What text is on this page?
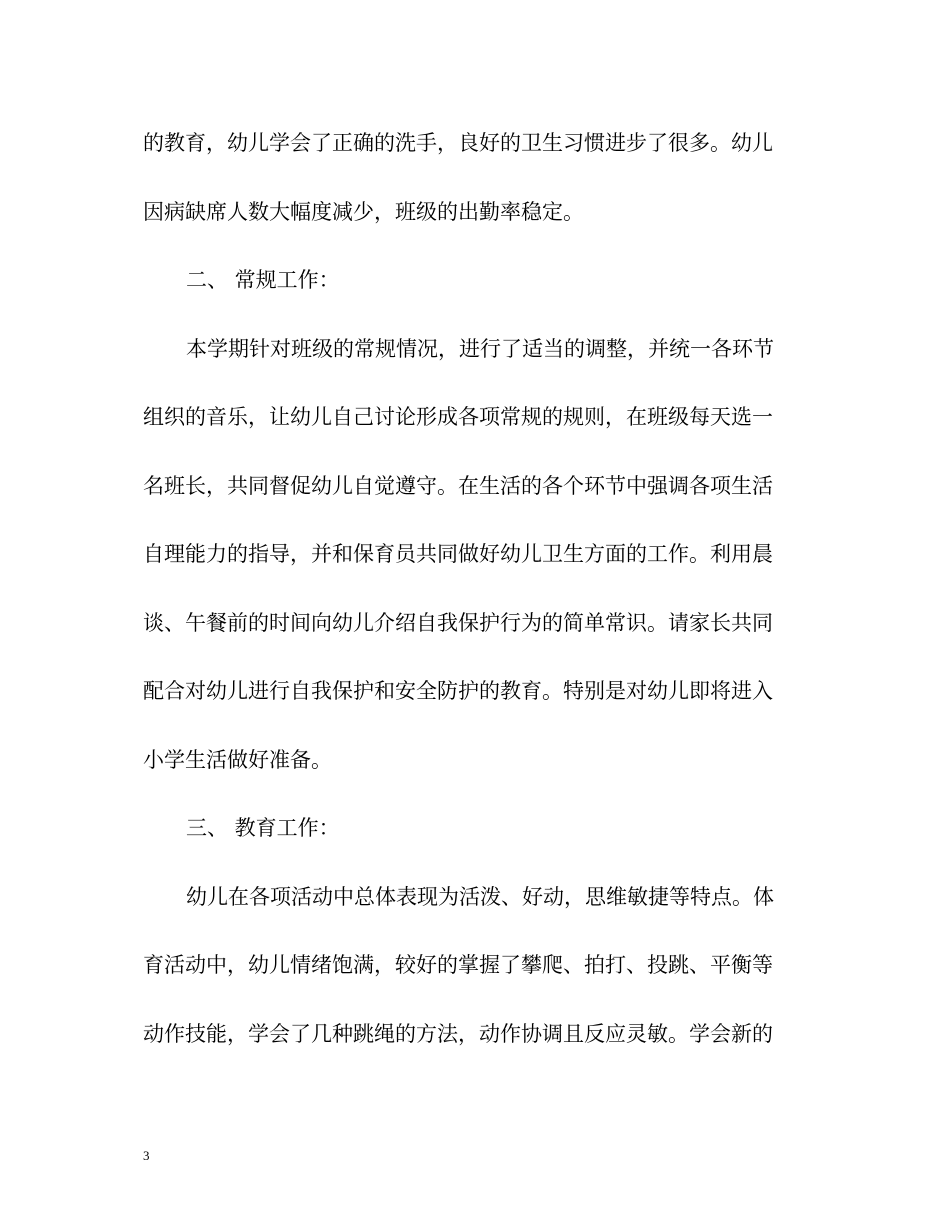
的教育，幼儿学会了正确的洗手，良好的卫生习惯进步了很多。幼儿
因病缺席人数大幅度减少，班级的出勤率稳定。
二、 常规工作：
本学期针对班级的常规情况，进行了适当的调整，并统一各环节
组织的音乐，让幼儿自己讨论形成各项常规的规则，在班级每天选一
名班长，共同督促幼儿自觉遵守。在生活的各个环节中强调各项生活
自理能力的指导，并和保育员共同做好幼儿卫生方面的工作。利用晨
谈、午餐前的时间向幼儿介绍自我保护行为的简单常识。请家长共同
配合对幼儿进行自我保护和安全防护的教育。特别是对幼儿即将进入
小学生活做好准备。
三、 教育工作：
幼儿在各项活动中总体表现为活泼、好动，思维敏捷等特点。体
育活动中，幼儿情绪饱满，较好的掌握了攀爬、拍打、投跳、平衡等
动作技能，学会了几种跳绳的方法，动作协调且反应灵敏。学会新的
3
